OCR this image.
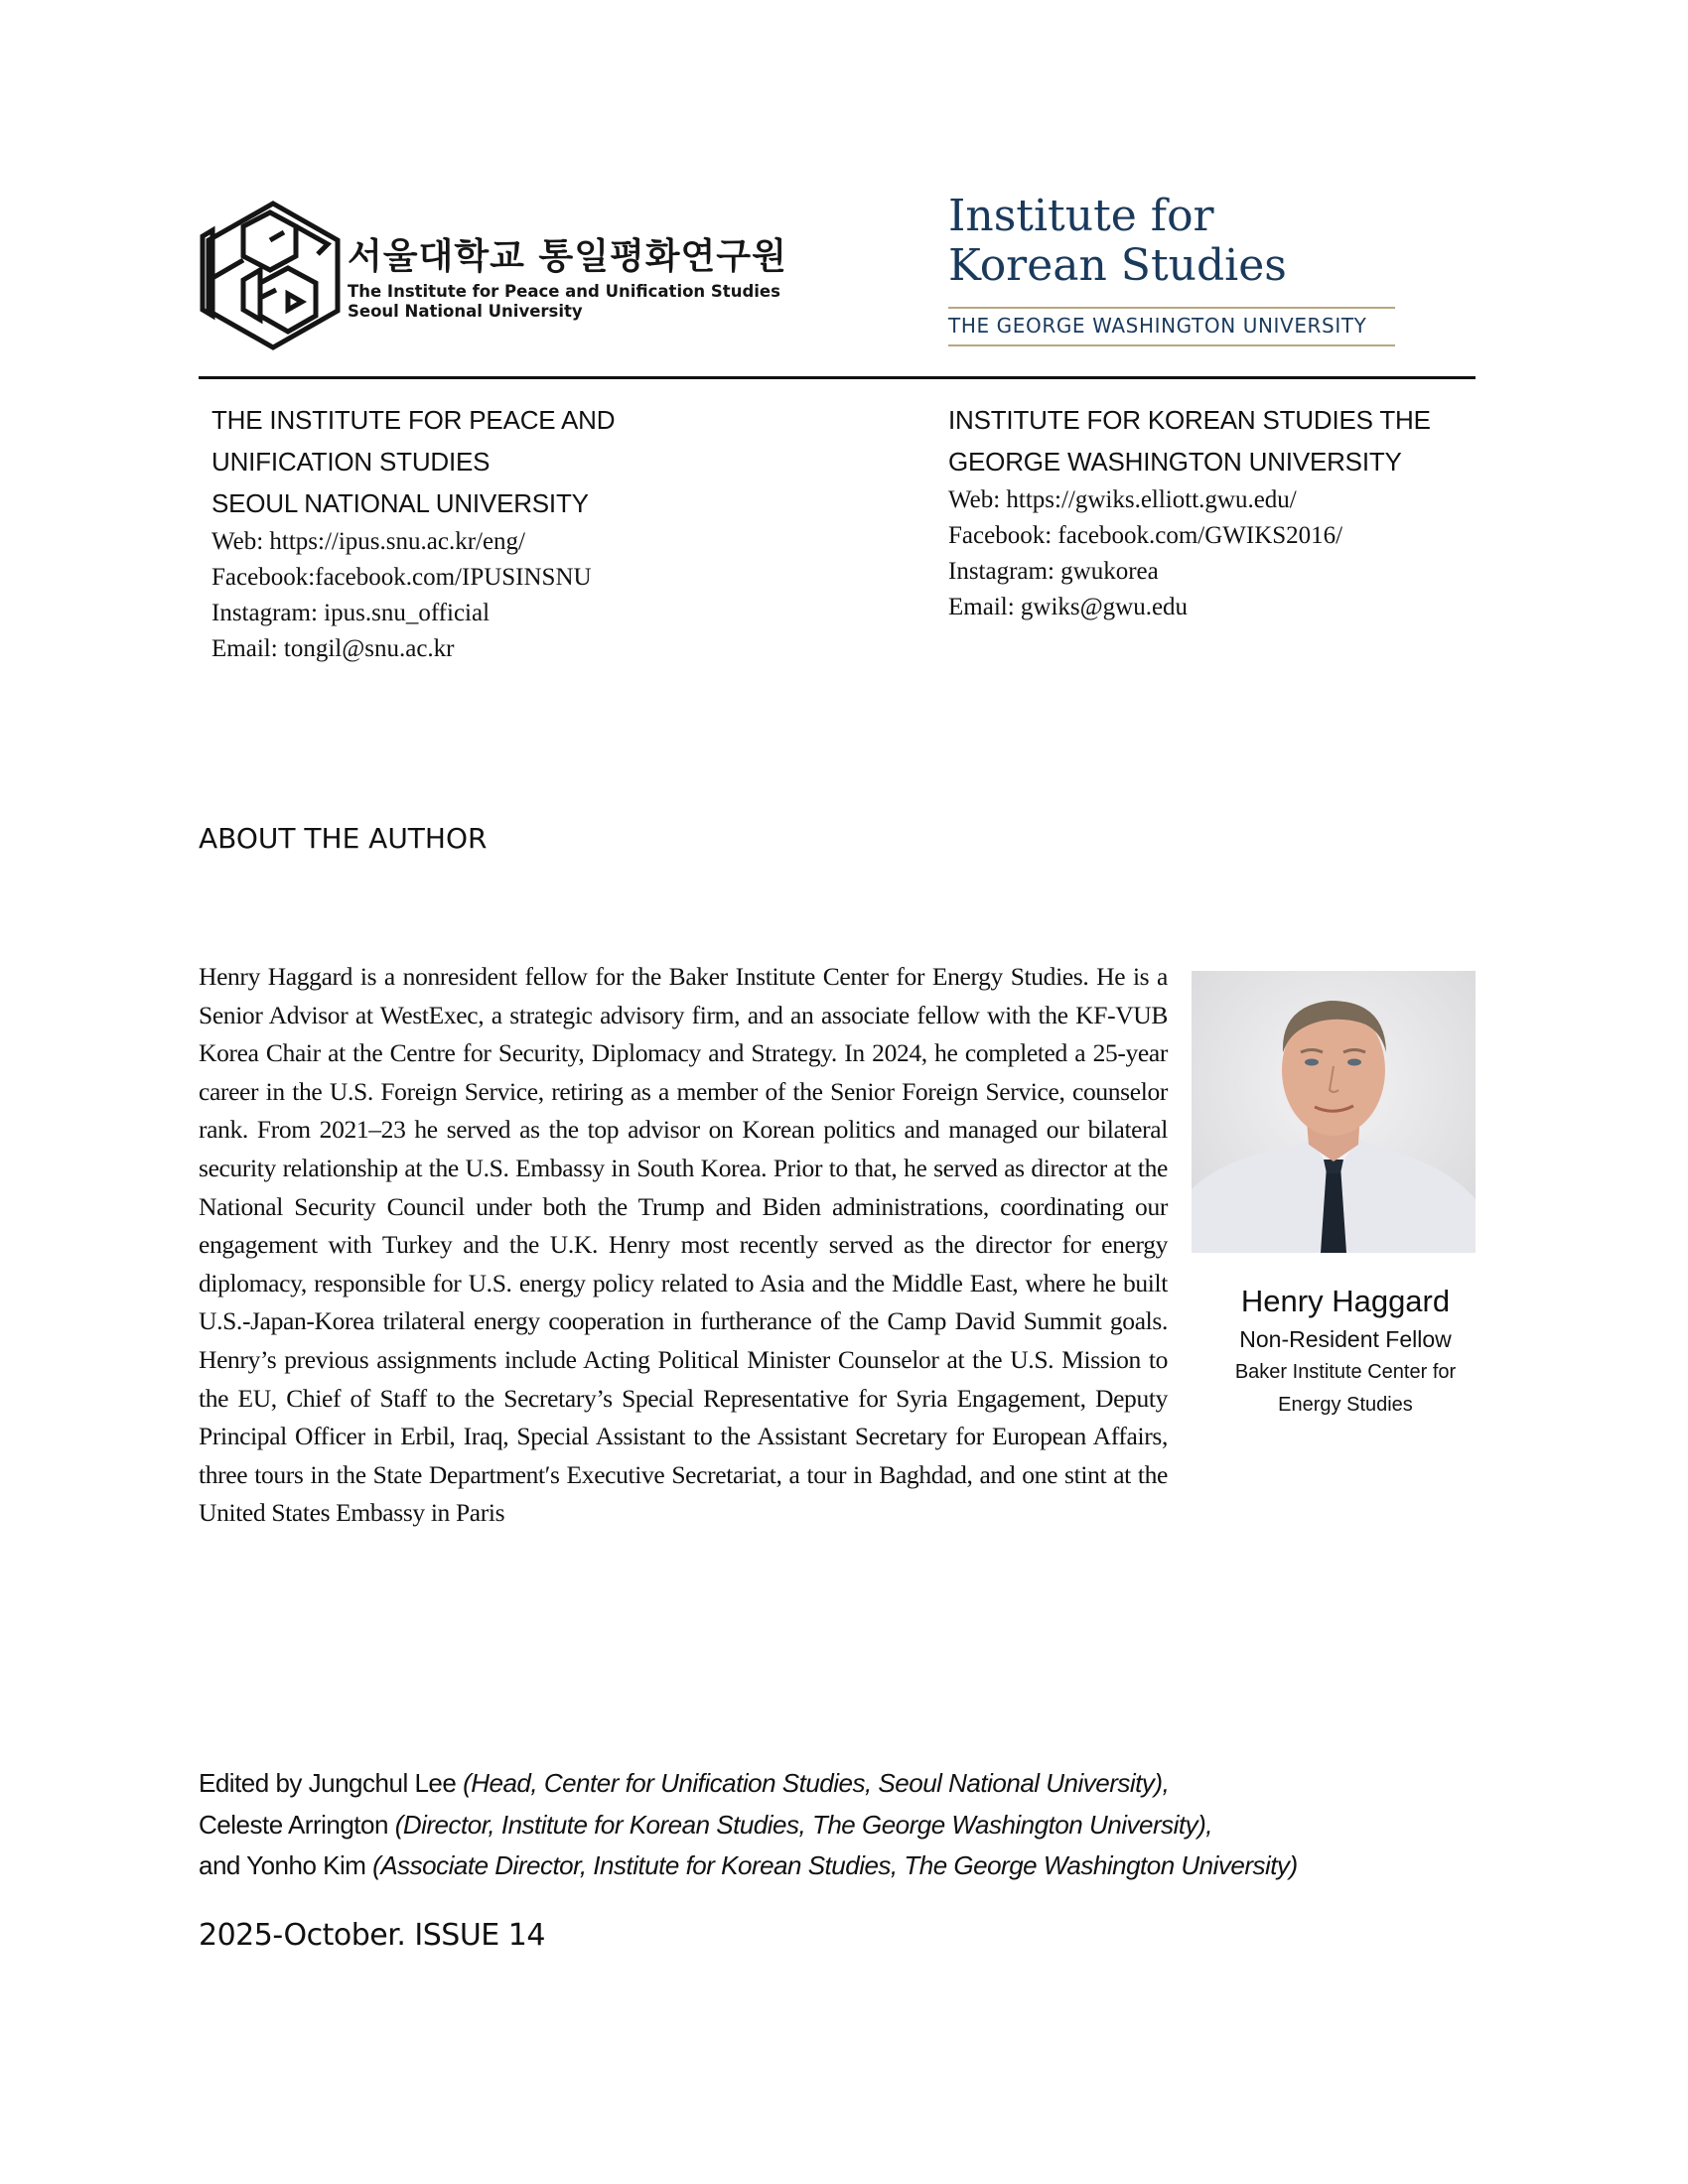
서울대학교 통일평화연구원
The Institute for Peace and Unification Studies
Seoul National University
Institute for
Korean Studies
THE GEORGE WASHINGTON UNIVERSITY
THE INSTITUTE FOR PEACE AND
UNIFICATION STUDIES
SEOUL NATIONAL UNIVERSITY
Web: https://ipus.snu.ac.kr/eng/
Facebook:facebook.com/IPUSINSNU
Instagram: ipus.snu_official
Email: tongil@snu.ac.kr
INSTITUTE FOR KOREAN STUDIES THE
GEORGE WASHINGTON UNIVERSITY
Web: https://gwiks.elliott.gwu.edu/
Facebook: facebook.com/GWIKS2016/
Instagram: gwukorea
Email: gwiks@gwu.edu
ABOUT THE AUTHOR
Henry Haggard is a nonresident fellow for the Baker Institute Center for Energy Studies. He is a Senior Advisor at WestExec, a strategic advisory firm, and an associate fellow with the KF-VUB Korea Chair at the Centre for Security, Diplomacy and Strategy. In 2024, he completed a 25-year career in the U.S. Foreign Service, retiring as a member of the Senior Foreign Service, counselor rank. From 2021–23 he served as the top advisor on Korean politics and managed our bilateral security relationship at the U.S. Embassy in South Korea. Prior to that, he served as director at the National Security Council under both the Trump and Biden administrations, coordinating our engagement with Turkey and the U.K. Henry most recently served as the director for energy diplomacy, responsible for U.S. energy policy related to Asia and the Middle East, where he built U.S.-Japan-Korea trilateral energy cooperation in furtherance of the Camp David Summit goals. Henry’s previous assignments include Acting Political Minister Counselor at the U.S. Mission to the EU, Chief of Staff to the Secretary’s Special Representative for Syria Engagement, Deputy Principal Officer in Erbil, Iraq, Special Assistant to the Assistant Secretary for European Affairs, three tours in the State Department′s Executive Secretariat, a tour in Baghdad, and one stint at the United States Embassy in Paris
Henry Haggard
Non-Resident Fellow
Baker Institute Center for
Energy Studies
Edited by Jungchul Lee (Head, Center for Unification Studies, Seoul National University),
Celeste Arrington (Director, Institute for Korean Studies, The George Washington University),
and Yonho Kim (Associate Director, Institute for Korean Studies, The George Washington University)
2025-October. ISSUE 14
